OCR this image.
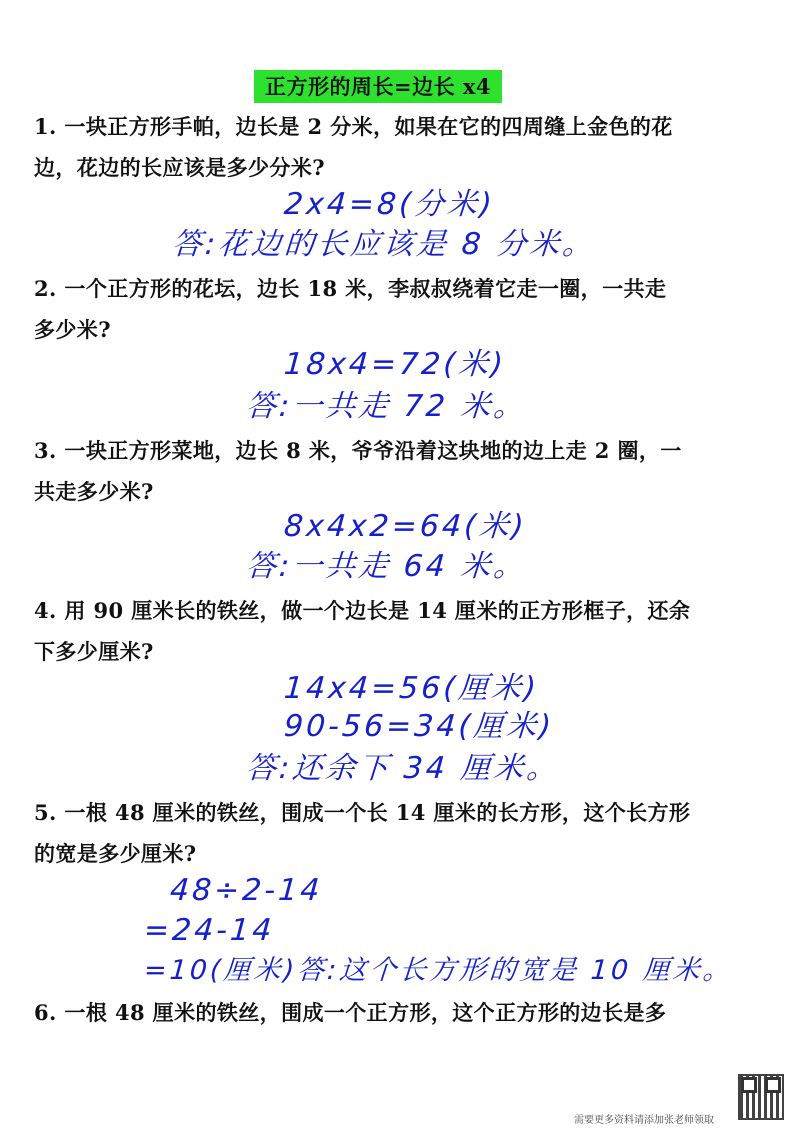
正方形的周长=边长 x4
1. 一块正方形手帕，边长是 2 分米，如果在它的四周缝上金色的花
边，花边的长应该是多少分米?
2x4=8(分米)
答:花边的长应该是 8 分米。
2. 一个正方形的花坛，边长 18 米，李叔叔绕着它走一圈，一共走
多少米?
18x4=72(米)
答:一共走 72 米。
3. 一块正方形菜地，边长 8 米，爷爷沿着这块地的边上走 2 圈，一
共走多少米?
8x4x2=64(米)
答:一共走 64 米。
4. 用 90 厘米长的铁丝，做一个边长是 14 厘米的正方形框子，还余
下多少厘米?
14x4=56(厘米)
90-56=34(厘米)
答:还余下 34 厘米。
5. 一根 48 厘米的铁丝，围成一个长 14 厘米的长方形，这个长方形
的宽是多少厘米?
48÷2-14
=24-14
=10(厘米)答:这个长方形的宽是 10 厘米。
6. 一根 48 厘米的铁丝，围成一个正方形，这个正方形的边长是多
需要更多资料请添加张老师领取
